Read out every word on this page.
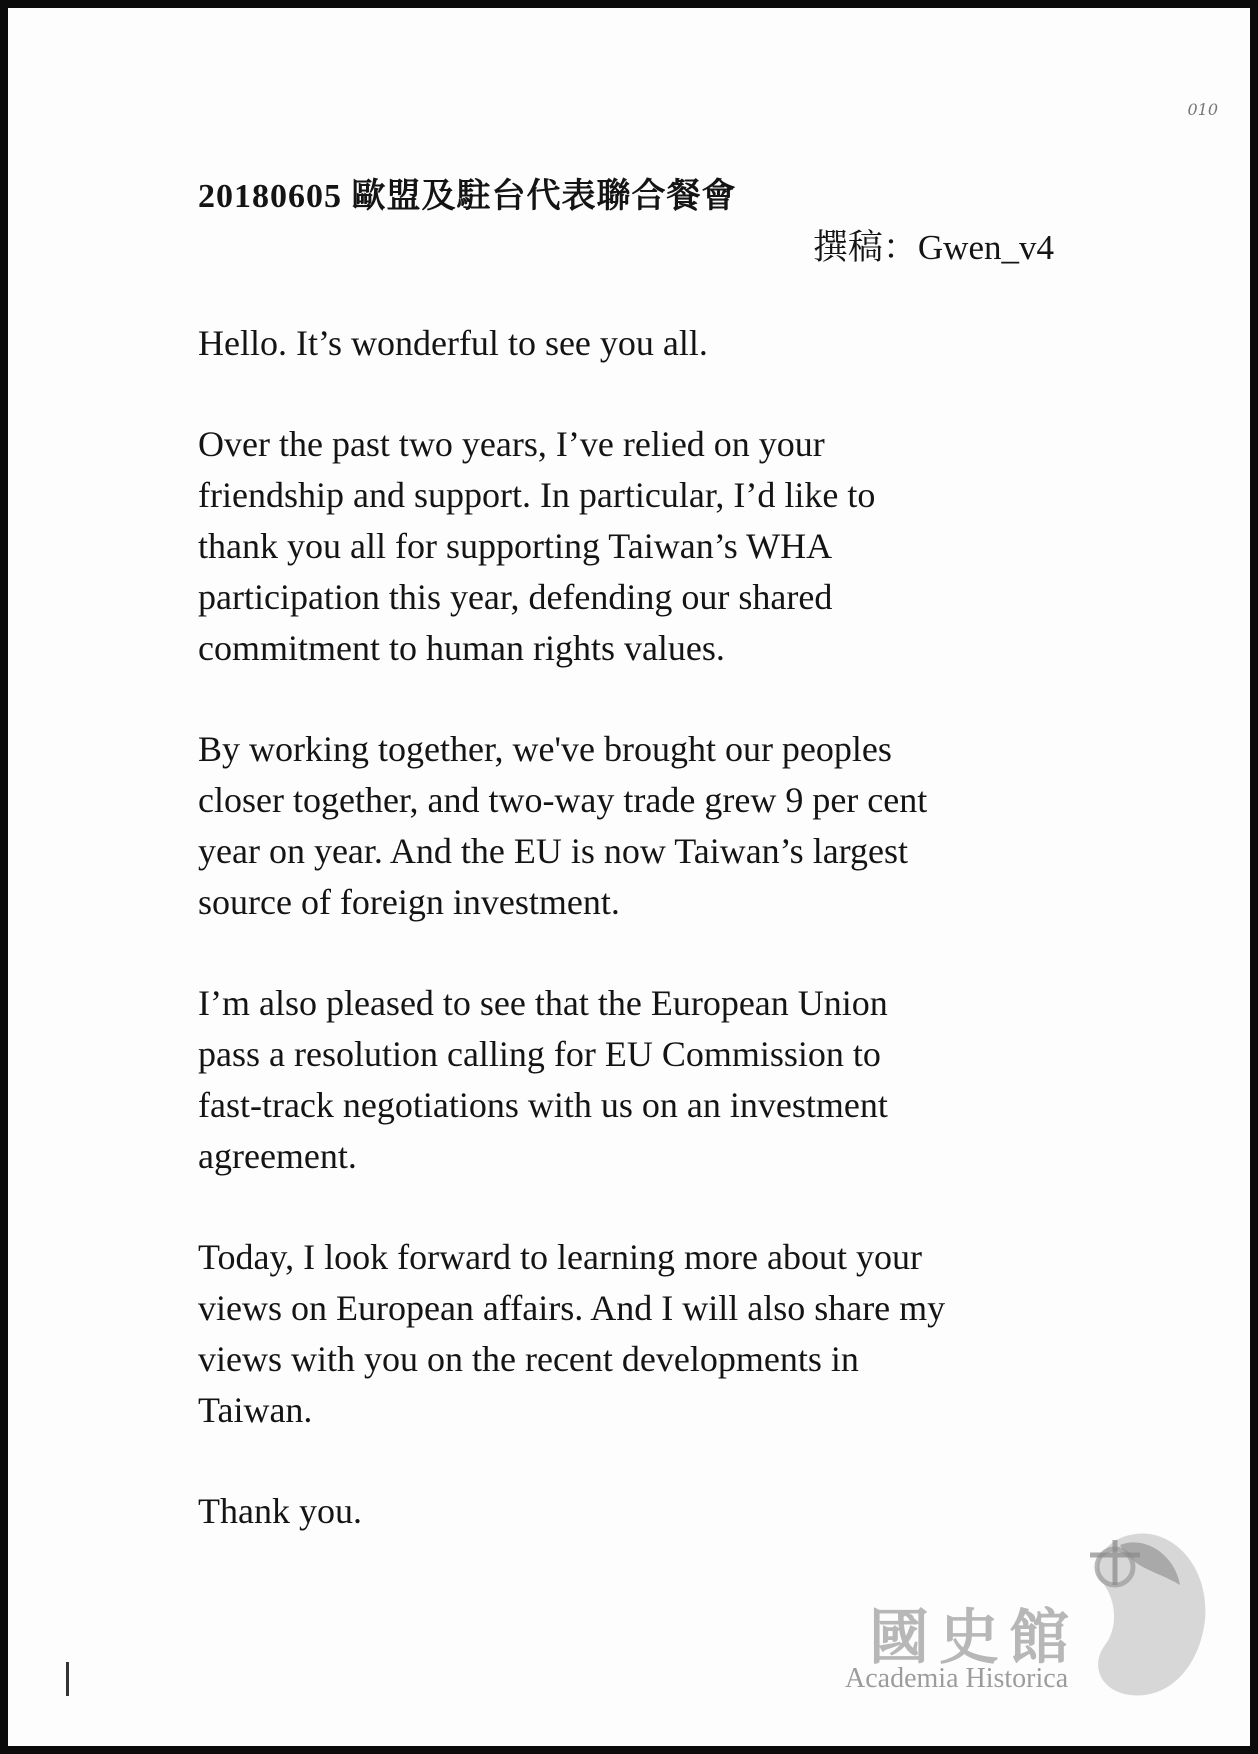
010
20180605 歐盟及駐台代表聯合餐會
撰稿：Gwen_v4

Hello. It’s wonderful to see you all.

Over the past two years, I’ve relied on your
friendship and support. In particular, I’d like to
thank you all for supporting Taiwan’s WHA
participation this year, defending our shared
commitment to human rights values.

By working together, we've brought our peoples
closer together, and two-way trade grew 9 per cent
year on year. And the EU is now Taiwan’s largest
source of foreign investment.

I’m also pleased to see that the European Union
pass a resolution calling for EU Commission to
fast-track negotiations with us on an investment
agreement.

Today, I look forward to learning more about your
views on European affairs. And I will also share my
views with you on the recent developments in
Taiwan.

Thank you.

國史館
Academia Historica
